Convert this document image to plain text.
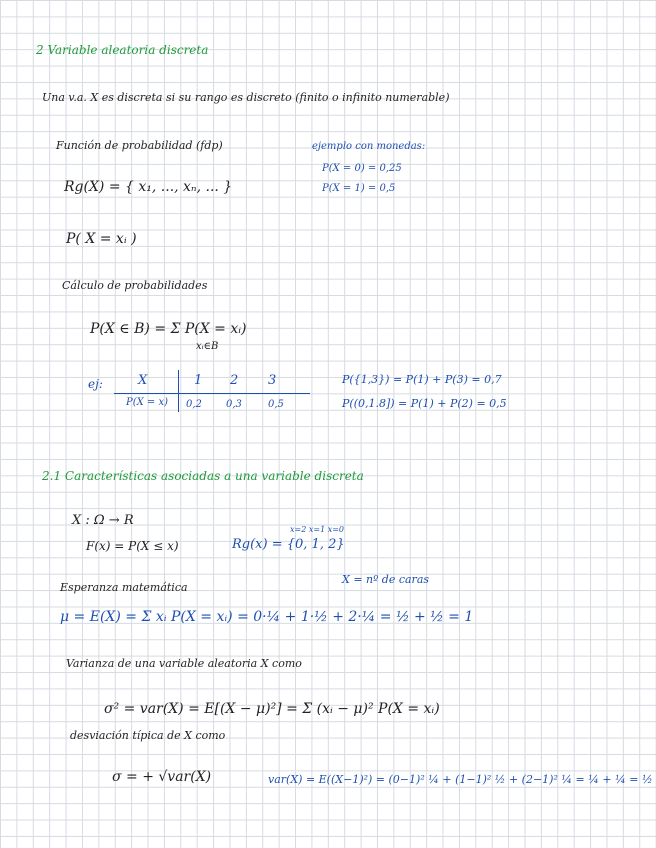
2 Variable aleatoria discreta
Una v.a. X es discreta si su rango es discreto (finito o infinito numerable)
Función de probabilidad (fdp)	ejemplo con monedas:
P(X = 0) = 0,25
P(X = 1) = 0,5
Rg(X) = { x₁, ..., xₙ, ... }
P( X = xᵢ )
Cálculo de probabilidades
P(X ∈ B) = Σ P(X = xᵢ)
xᵢ∈B
ej:	X	1 2 3
P(X = x) 0,2 0,3	0,5
P({1,3}) = P(1) + P(3) = 0,7
P((0,1.8]) = P(1) + P(2) = 0,5
2.1 Características asociadas a una variable discreta
X : Ω → R
F(x) = P(X ≤ x)
x=2 x=1 x=0
Rg(x) = {0, 1, 2}
Esperanza matemática
X = nº de caras
μ = E(X) = Σ xᵢ P(X = xᵢ) = 0·¼ + 1·½ + 2·¼ = ½ + ½ = 1
Varianza de una variable aleatoria X como
σ² = var(X) = E[(X − μ)²] = Σ (xᵢ − μ)² P(X = xᵢ)
desviación típica de X como
σ = + √var(X)	var(X) = E((X−1)²) = (0−1)² ¼ + (1−1)² ½ + (2−1)² ¼ = ¼ + ¼ = ½
